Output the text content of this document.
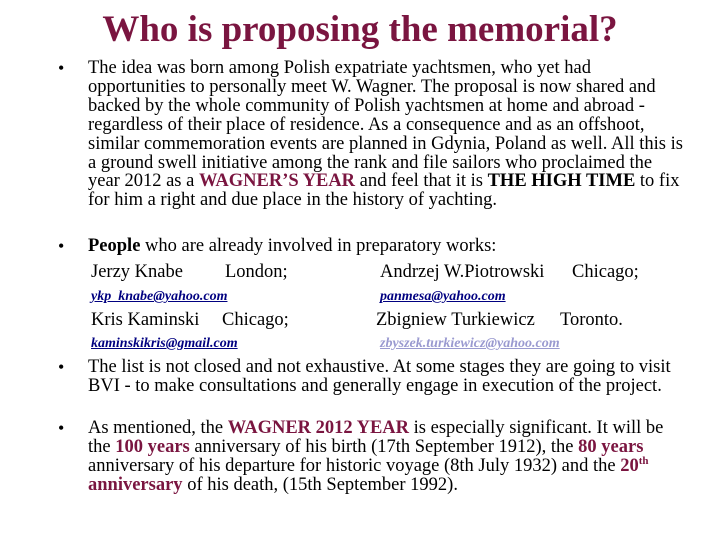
Who is proposing the memorial?
• The idea was born among Polish expatriate yachtsmen, who yet had opportunities to personally meet W. Wagner. The proposal is now shared and backed by the whole community of Polish yachtsmen at home and abroad - regardless of their place of residence. As a consequence and as an offshoot, similar commemoration events are planned in Gdynia, Poland as well. All this is a ground swell initiative among the rank and file sailors who proclaimed the year 2012 as a WAGNER’S YEAR and feel that it is THE HIGH TIME to fix for him a right and due place in the history of yachting.
• People who are already involved in preparatory works:
Jerzy Knabe London;	Andrzej W.Piotrowski Chicago;
ykp_knabe@yahoo.com	panmesa@yahoo.com
Kris Kaminski Chicago;	Zbigniew Turkiewicz Toronto.
kaminskikris@gmail.com	zbyszek.turkiewicz@yahoo.com
• The list is not closed and not exhaustive. At some stages they are going to visit BVI - to make consultations and generally engage in execution of the project.
• As mentioned, the WAGNER 2012 YEAR is especially significant. It will be the 100 years anniversary of his birth (17th September 1912), the 80 years anniversary of his departure for historic voyage (8th July 1932) and the 20th  anniversary of his death, (15th September 1992).
